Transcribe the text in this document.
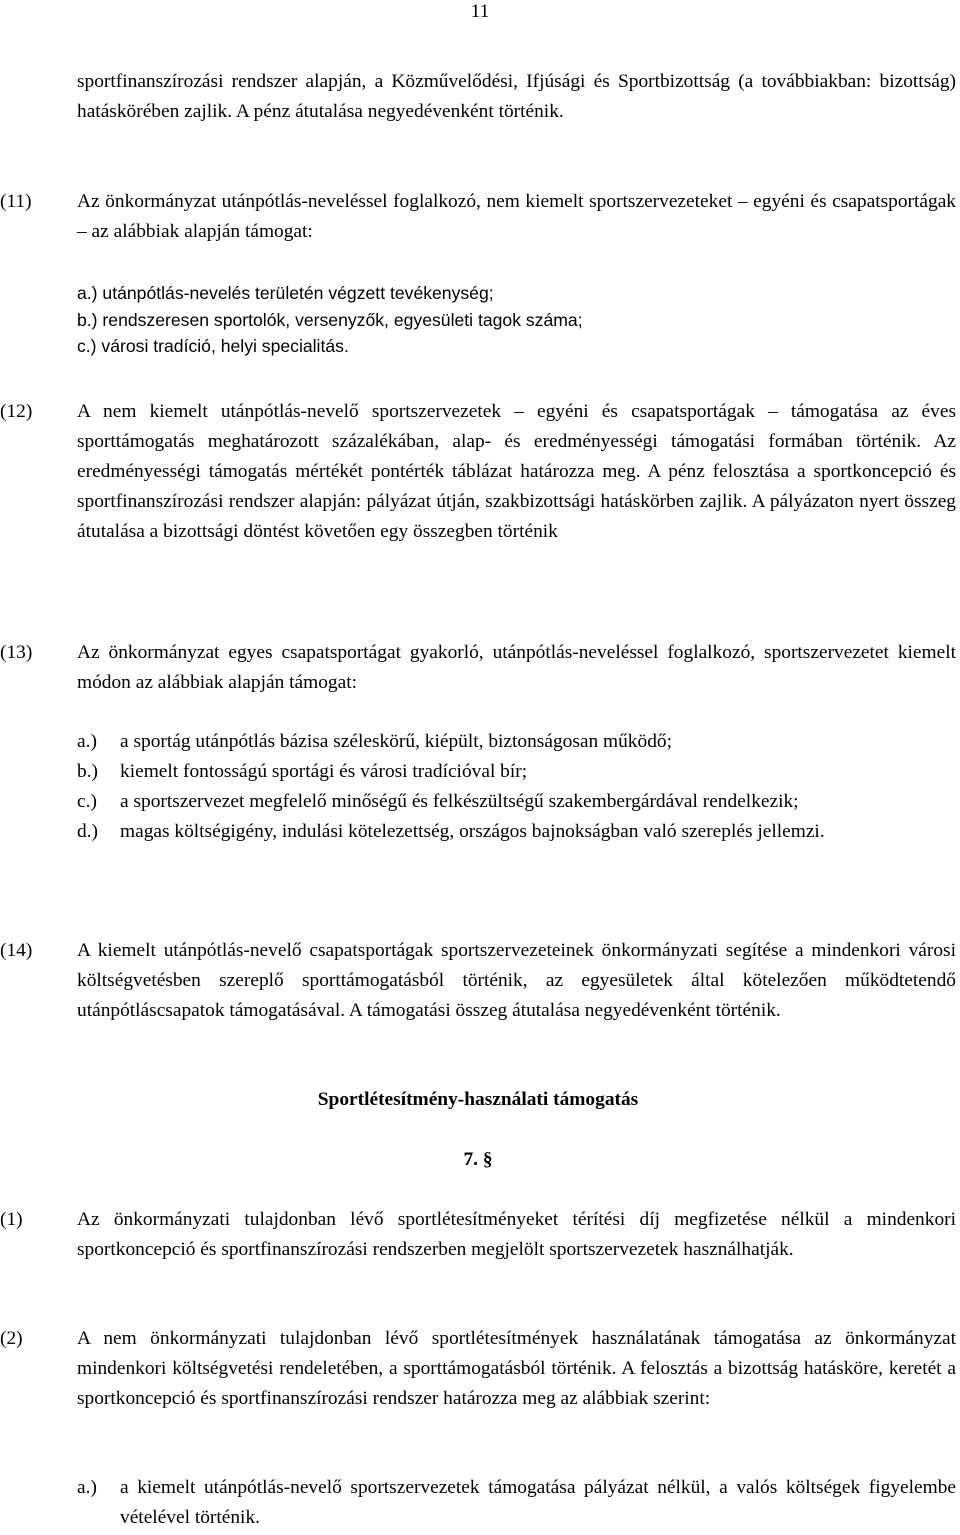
11
sportfinanszírozási rendszer alapján, a Közművelődési, Ifjúsági és Sportbizottság (a továbbiakban: bizottság) hatáskörében zajlik. A pénz átutalása negyedévenként történik.
(11)	Az önkormányzat utánpótlás-neveléssel foglalkozó, nem kiemelt sportszervezeteket – egyéni és csapatsportágak – az alábbiak alapján támogat:
a.) utánpótlás-nevelés területén végzett tevékenység;
b.) rendszeresen sportolók, versenyzők, egyesületi tagok száma;
c.) városi tradíció, helyi specialitás.
(12)	A nem kiemelt utánpótlás-nevelő sportszervezetek – egyéni és csapatsportágak – támogatása az éves sporttámogatás meghatározott százalékában, alap- és eredményességi támogatási formában történik. Az eredményességi támogatás mértékét pontérték táblázat határozza meg. A pénz felosztása a sportkoncepció és sportfinanszírozási rendszer alapján: pályázat útján, szakbizottsági hatáskörben zajlik. A pályázaton nyert összeg átutalása a bizottsági döntést követően egy összegben történik
(13)	Az önkormányzat egyes csapatsportágat gyakorló, utánpótlás-neveléssel foglalkozó, sportszervezetet kiemelt módon az alábbiak alapján támogat:
a.)	a sportág utánpótlás bázisa széleskörű, kiépült, biztonságosan működő;
b.)	kiemelt fontosságú sportági és városi tradícióval bír;
c.)	a sportszervezet megfelelő minőségű és felkészültségű szakembergárdával rendelkezik;
d.)	magas költségigény, indulási kötelezettség, országos bajnokságban való szereplés jellemzi.
(14)	A kiemelt utánpótlás-nevelő csapatsportágak sportszervezeteinek önkormányzati segítése a mindenkori városi költségvetésben szereplő sporttámogatásból történik, az egyesületek által kötelezően működtetendő utánpótláscsapatok támogatásával. A támogatási összeg átutalása negyedévenként történik.
Sportlétesítmény-használati támogatás
7. §
(1)	Az önkormányzati tulajdonban lévő sportlétesítményeket térítési díj megfizetése nélkül a mindenkori sportkoncepció és sportfinanszírozási rendszerben megjelölt sportszervezetek használhatják.
(2)	A nem önkormányzati tulajdonban lévő sportlétesítmények használatának támogatása az önkormányzat mindenkori költségvetési rendeletében, a sporttámogatásból történik. A felosztás a bizottság hatásköre, keretét a sportkoncepció és sportfinanszírozási rendszer határozza meg az alábbiak szerint:
a.)	a kiemelt utánpótlás-nevelő sportszervezetek támogatása pályázat nélkül, a valós költségek figyelembe vételével történik.
